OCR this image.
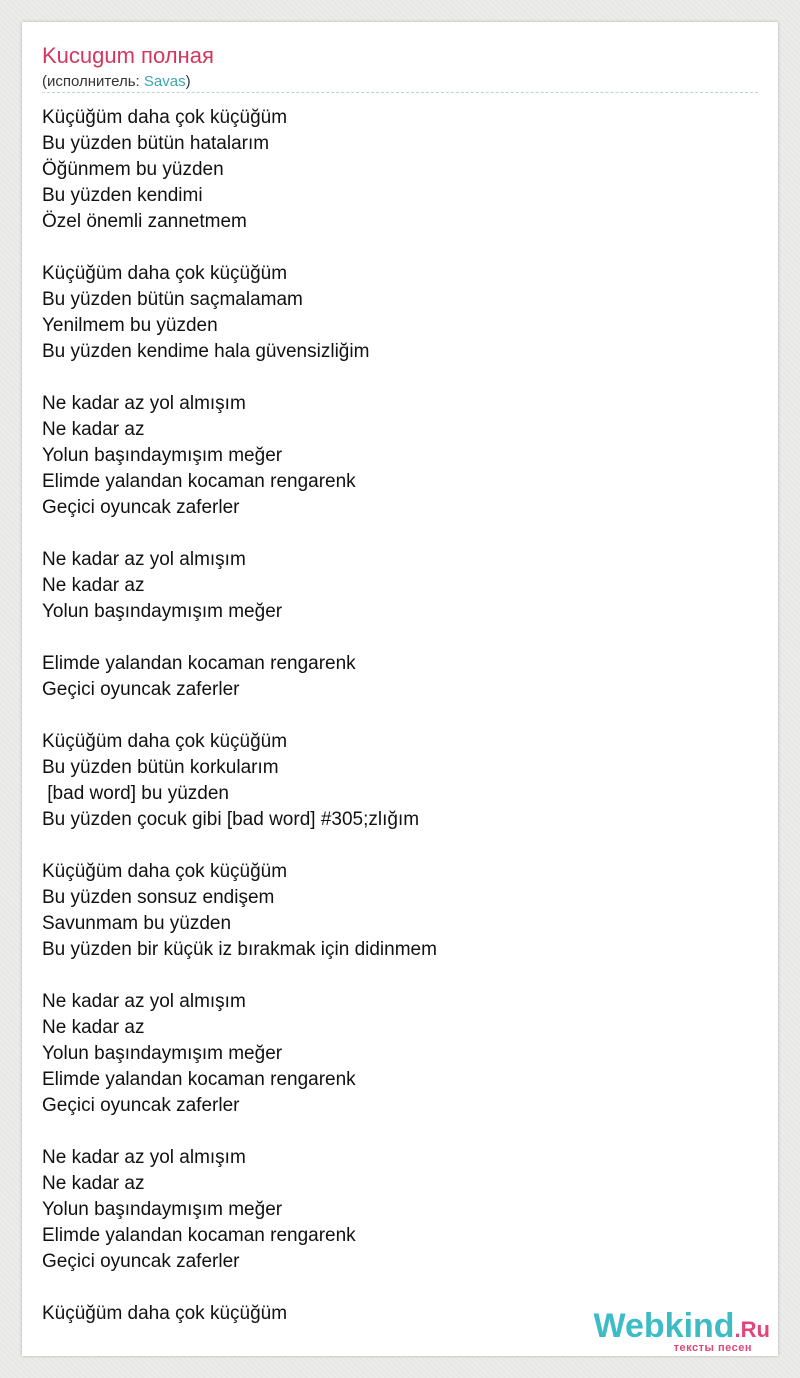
Kucugum полная
(исполнитель: Savas)
Küçüğüm daha çok küçüğüm
Bu yüzden bütün hatalarım
Öğünmem bu yüzden
Bu yüzden kendimi
Özel önemli zannetmem

Küçüğüm daha çok küçüğüm
Bu yüzden bütün saçmalamam
Yenilmem bu yüzden
Bu yüzden kendime hala güvensizliğim

Ne kadar az yol almışım
Ne kadar az
Yolun başındaymışım meğer
Elimde yalandan kocaman rengarenk
Geçici oyuncak zaferler

Ne kadar az yol almışım
Ne kadar az
Yolun başındaymışım meğer

Elimde yalandan kocaman rengarenk
Geçici oyuncak zaferler

Küçüğüm daha çok küçüğüm
Bu yüzden bütün korkularım
[bad word] bu yüzden
Bu yüzden çocuk gibi [bad word] #305;zlığım

Küçüğüm daha çok küçüğüm
Bu yüzden sonsuz endişem
Savunmam bu yüzden
Bu yüzden bir küçük iz bırakmak için didinmem

Ne kadar az yol almışım
Ne kadar az
Yolun başındaymışım meğer
Elimde yalandan kocaman rengarenk
Geçici oyuncak zaferler

Ne kadar az yol almışım
Ne kadar az
Yolun başındaymışım meğer
Elimde yalandan kocaman rengarenk
Geçici oyuncak zaferler

Küçüğüm daha çok küçüğüm	Webkind.Ru
тексты песен
